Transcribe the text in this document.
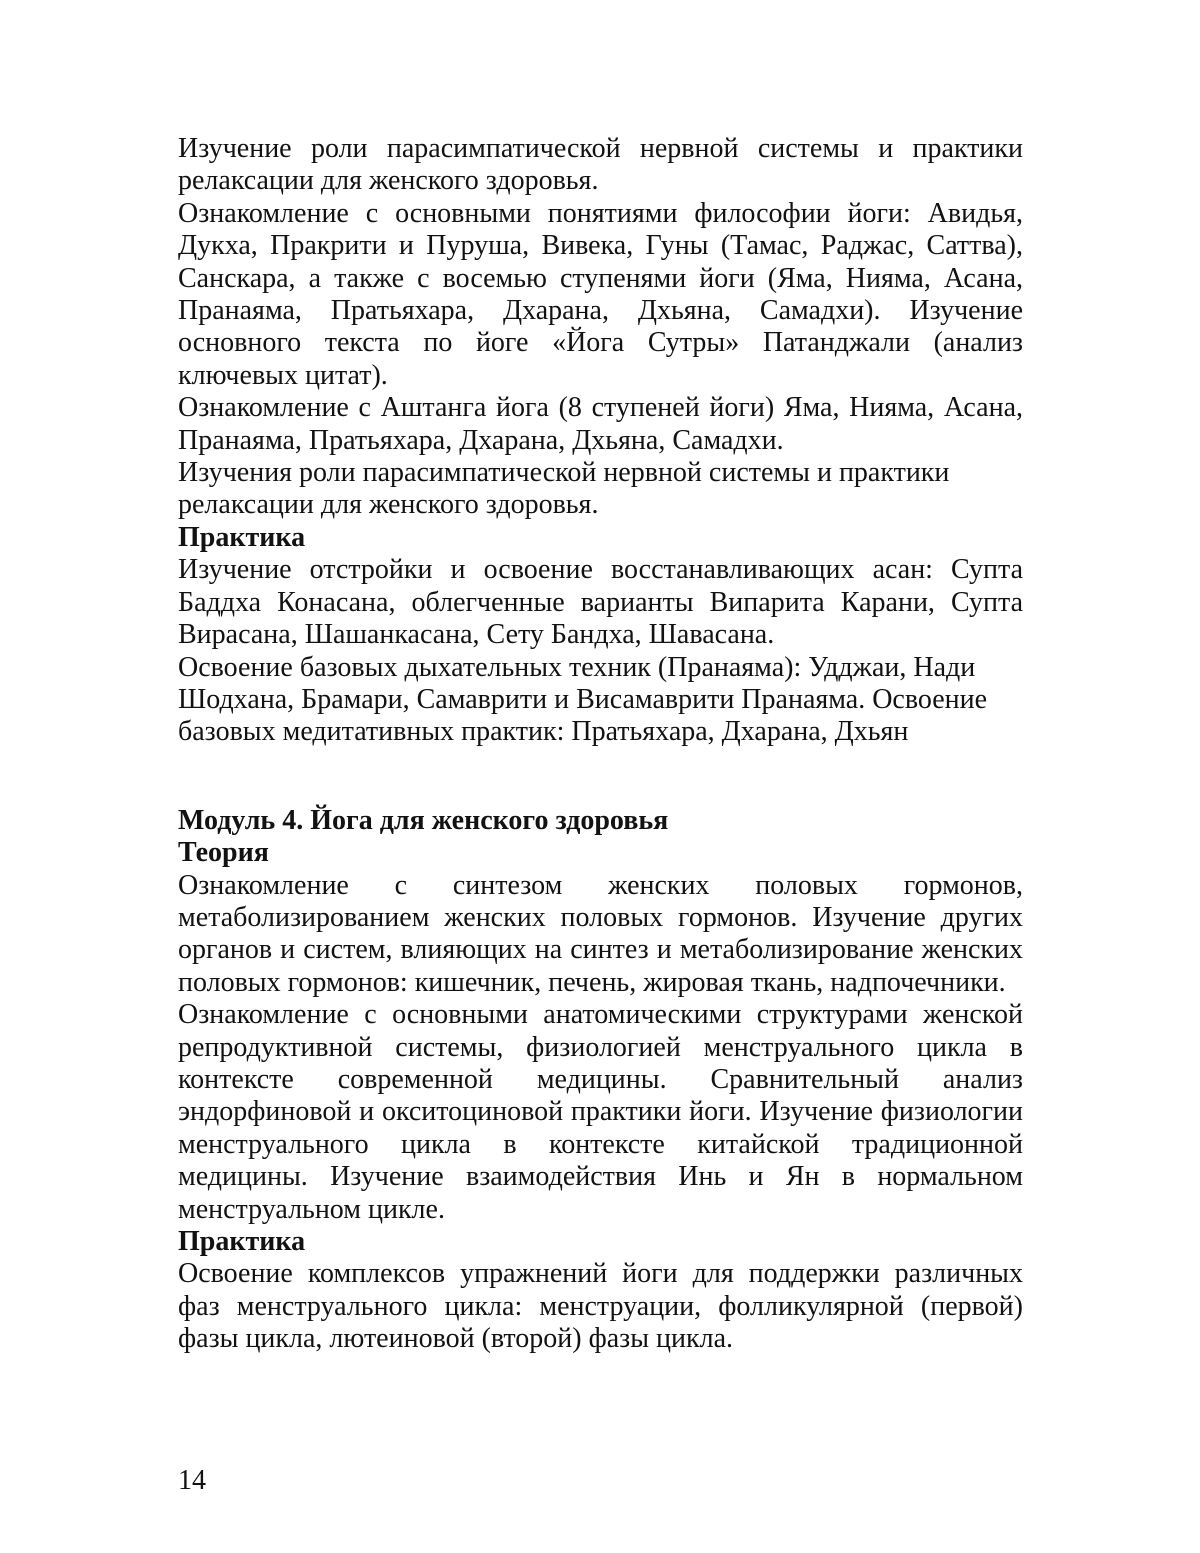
Изучение роли парасимпатической нервной системы и практики релаксации для женского здоровья.

Ознакомление с основными понятиями философии йоги: Авидья, Дукха, Пракрити и Пуруша, Вивека, Гуны (Тамас, Раджас, Саттва), Санскара, а также с восемью ступенями йоги (Яма, Нияма, Асана, Пранаяма, Пратьяхара, Дхарана, Дхьяна, Самадхи). Изучение основного текста по йоге «Йога Сутры» Патанджали (анализ ключевых цитат).

Ознакомление с Аштанга йога (8 ступеней йоги) Яма, Нияма, Асана, Пранаяма, Пратьяхара, Дхарана, Дхьяна, Самадхи.

Изучения роли парасимпатической нервной системы и практики релаксации для женского здоровья.

Практика

Изучение отстройки и освоение восстанавливающих асан: Супта Баддха Конасана, облегченные варианты Випарита Карани, Супта Вирасана, Шашанкасана, Сету Бандха, Шавасана.

Освоение базовых дыхательных техник (Пранаяма): Удджаи, Нади Шодхана, Брамари, Самаврити и Висамаврити Пранаяма. Освоение базовых медитативных практик: Пратьяхара, Дхарана, Дхьян

Модуль 4. Йога для женского здоровья

Теория

Ознакомление с синтезом женских половых гормонов, метаболизированием женских половых гормонов. Изучение других органов и систем, влияющих на синтез и метаболизирование женских половых гормонов: кишечник, печень, жировая ткань, надпочечники.

Ознакомление с основными анатомическими структурами женской репродуктивной системы, физиологией менструального цикла в контексте современной медицины. Сравнительный анализ эндорфиновой и окситоциновой практики йоги. Изучение физиологии менструального цикла в контексте китайской традиционной медицины. Изучение взаимодействия Инь и Ян в нормальном менструальном цикле.

Практика

Освоение комплексов упражнений йоги для поддержки различных фаз менструального цикла: менструации, фолликулярной (первой) фазы цикла, лютеиновой (второй) фазы цикла.

14
